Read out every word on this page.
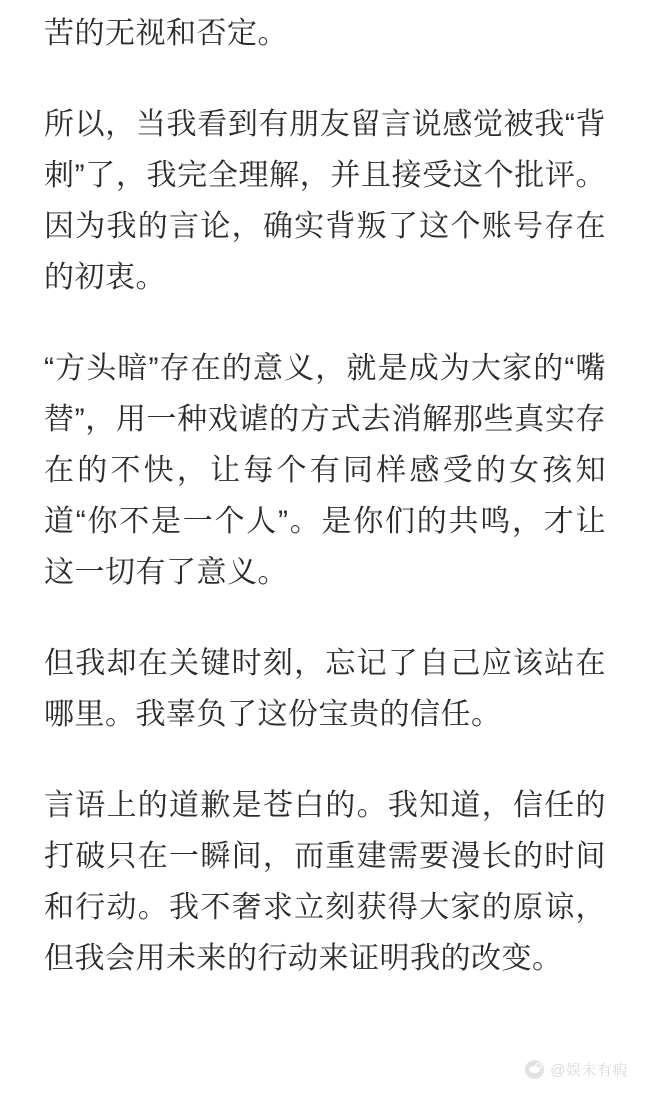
苦的无视和否定。

所以，当我看到有朋友留言说感觉被我“背刺”了，我完全理解，并且接受这个批评。因为我的言论，确实背叛了这个账号存在的初衷。

“方头暗”存在的意义，就是成为大家的“嘴替”，用一种戏谑的方式去消解那些真实存在的不快，让每个有同样感受的女孩知道“你不是一个人”。是你们的共鸣，才让这一切有了意义。

但我却在关键时刻，忘记了自己应该站在哪里。我辜负了这份宝贵的信任。

言语上的道歉是苍白的。我知道，信任的打破只在一瞬间，而重建需要漫长的时间和行动。我不奢求立刻获得大家的原谅，但我会用未来的行动来证明我的改变。

@娱未有瘕
